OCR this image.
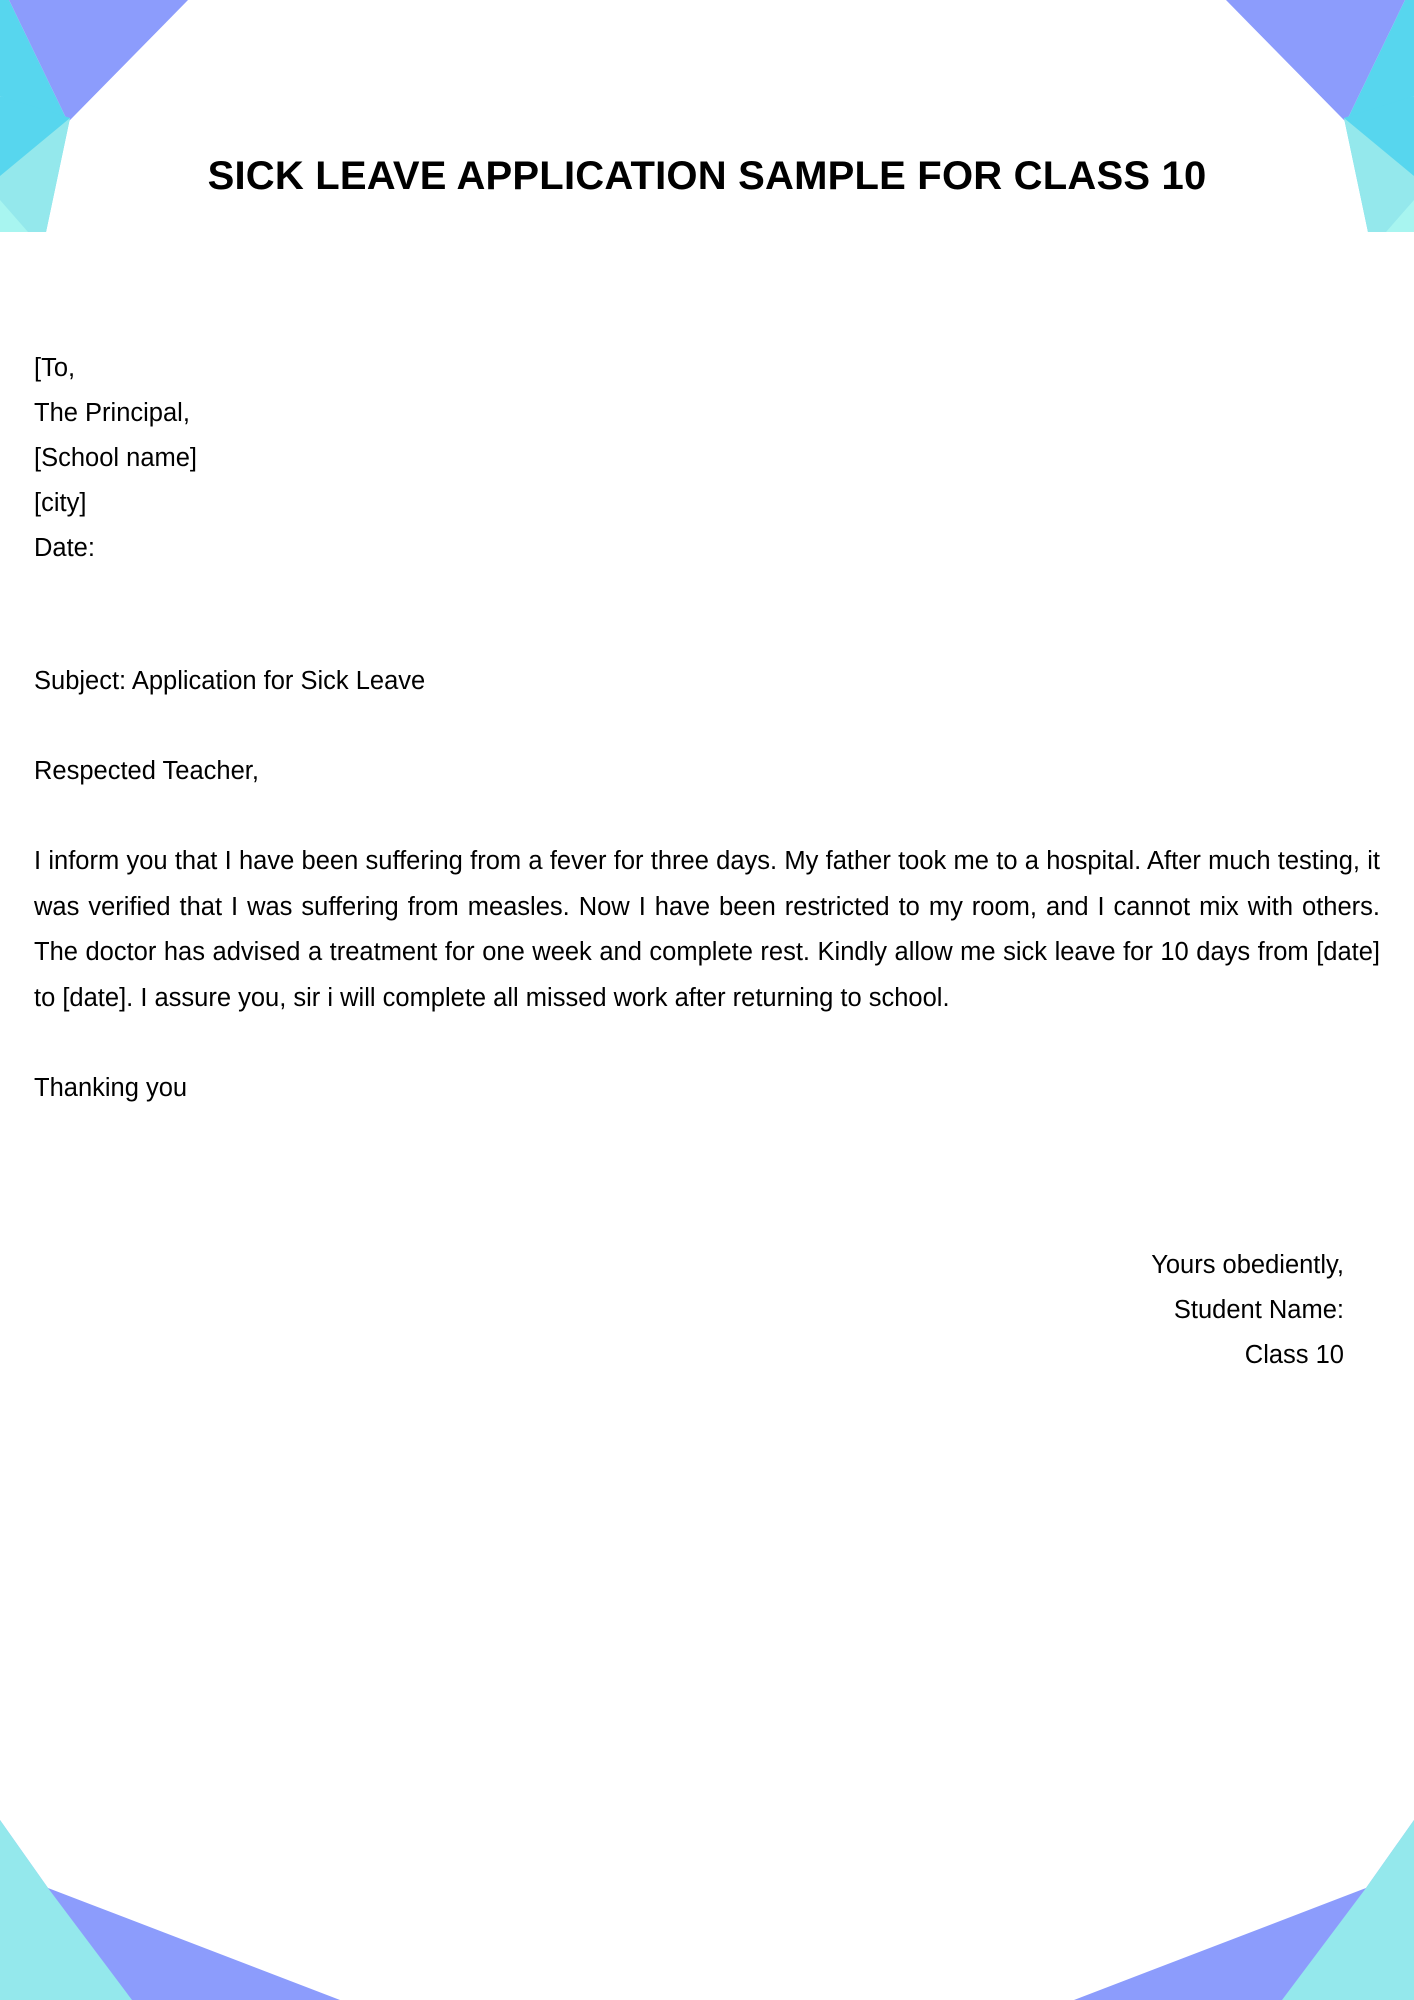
SICK LEAVE APPLICATION SAMPLE FOR CLASS 10
[To,
The Principal,
[School name]
[city]
Date:
Subject: Application for Sick Leave
Respected Teacher,

I inform you that I have been suffering from a fever for three days. My father took me to a hospital. After much testing, it was verified that I was suffering from measles. Now I have been restricted to my room, and I cannot mix with others. The doctor has advised a treatment for one week and complete rest. Kindly allow me sick leave for 10 days from [date] to [date]. I assure you, sir i will complete all missed work after returning to school.

Thanking you
Yours obediently,
Student Name:
Class 10
